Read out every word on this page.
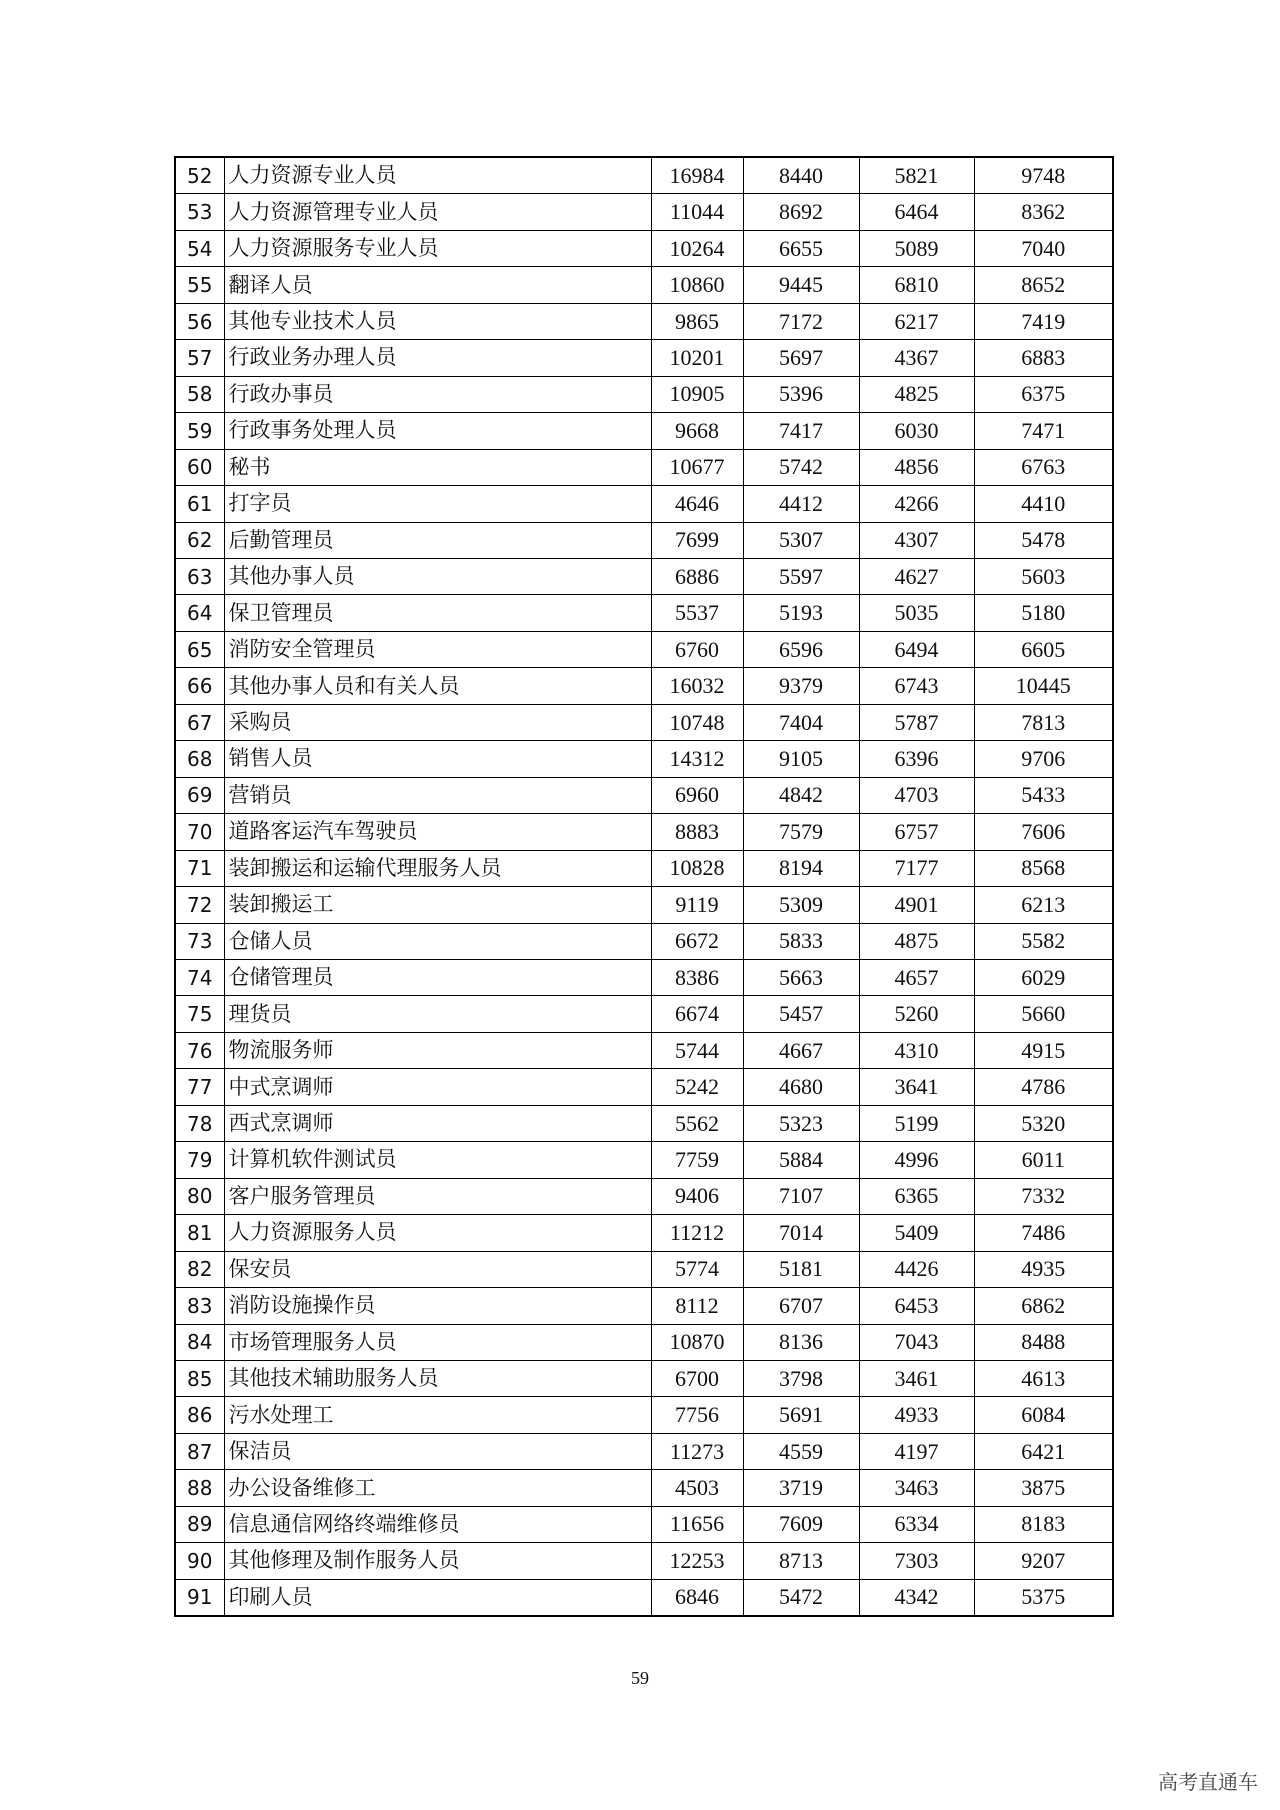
52	人力资源专业人员	16984	8440	5821	9748
53	人力资源管理专业人员	11044	8692	6464	8362
54	人力资源服务专业人员	10264	6655	5089	7040
55	翻译人员	10860	9445	6810	8652
56	其他专业技术人员	9865	7172	6217	7419
57	行政业务办理人员	10201	5697	4367	6883
58	行政办事员	10905	5396	4825	6375
59	行政事务处理人员	9668	7417	6030	7471
60	秘书	10677	5742	4856	6763
61	打字员	4646	4412	4266	4410
62	后勤管理员	7699	5307	4307	5478
63	其他办事人员	6886	5597	4627	5603
64	保卫管理员	5537	5193	5035	5180
65	消防安全管理员	6760	6596	6494	6605
66	其他办事人员和有关人员	16032	9379	6743	10445
67	采购员	10748	7404	5787	7813
68	销售人员	14312	9105	6396	9706
69	营销员	6960	4842	4703	5433
70	道路客运汽车驾驶员	8883	7579	6757	7606
71	装卸搬运和运输代理服务人员	10828	8194	7177	8568
72	装卸搬运工	9119	5309	4901	6213
73	仓储人员	6672	5833	4875	5582
74	仓储管理员	8386	5663	4657	6029
75	理货员	6674	5457	5260	5660
76	物流服务师	5744	4667	4310	4915
77	中式烹调师	5242	4680	3641	4786
78	西式烹调师	5562	5323	5199	5320
79	计算机软件测试员	7759	5884	4996	6011
80	客户服务管理员	9406	7107	6365	7332
81	人力资源服务人员	11212	7014	5409	7486
82	保安员	5774	5181	4426	4935
83	消防设施操作员	8112	6707	6453	6862
84	市场管理服务人员	10870	8136	7043	8488
85	其他技术辅助服务人员	6700	3798	3461	4613
86	污水处理工	7756	5691	4933	6084
87	保洁员	11273	4559	4197	6421
88	办公设备维修工	4503	3719	3463	3875
89	信息通信网络终端维修员	11656	7609	6334	8183
90	其他修理及制作服务人员	12253	8713	7303	9207
91	印刷人员	6846	5472	4342	5375
59
高考直通车
